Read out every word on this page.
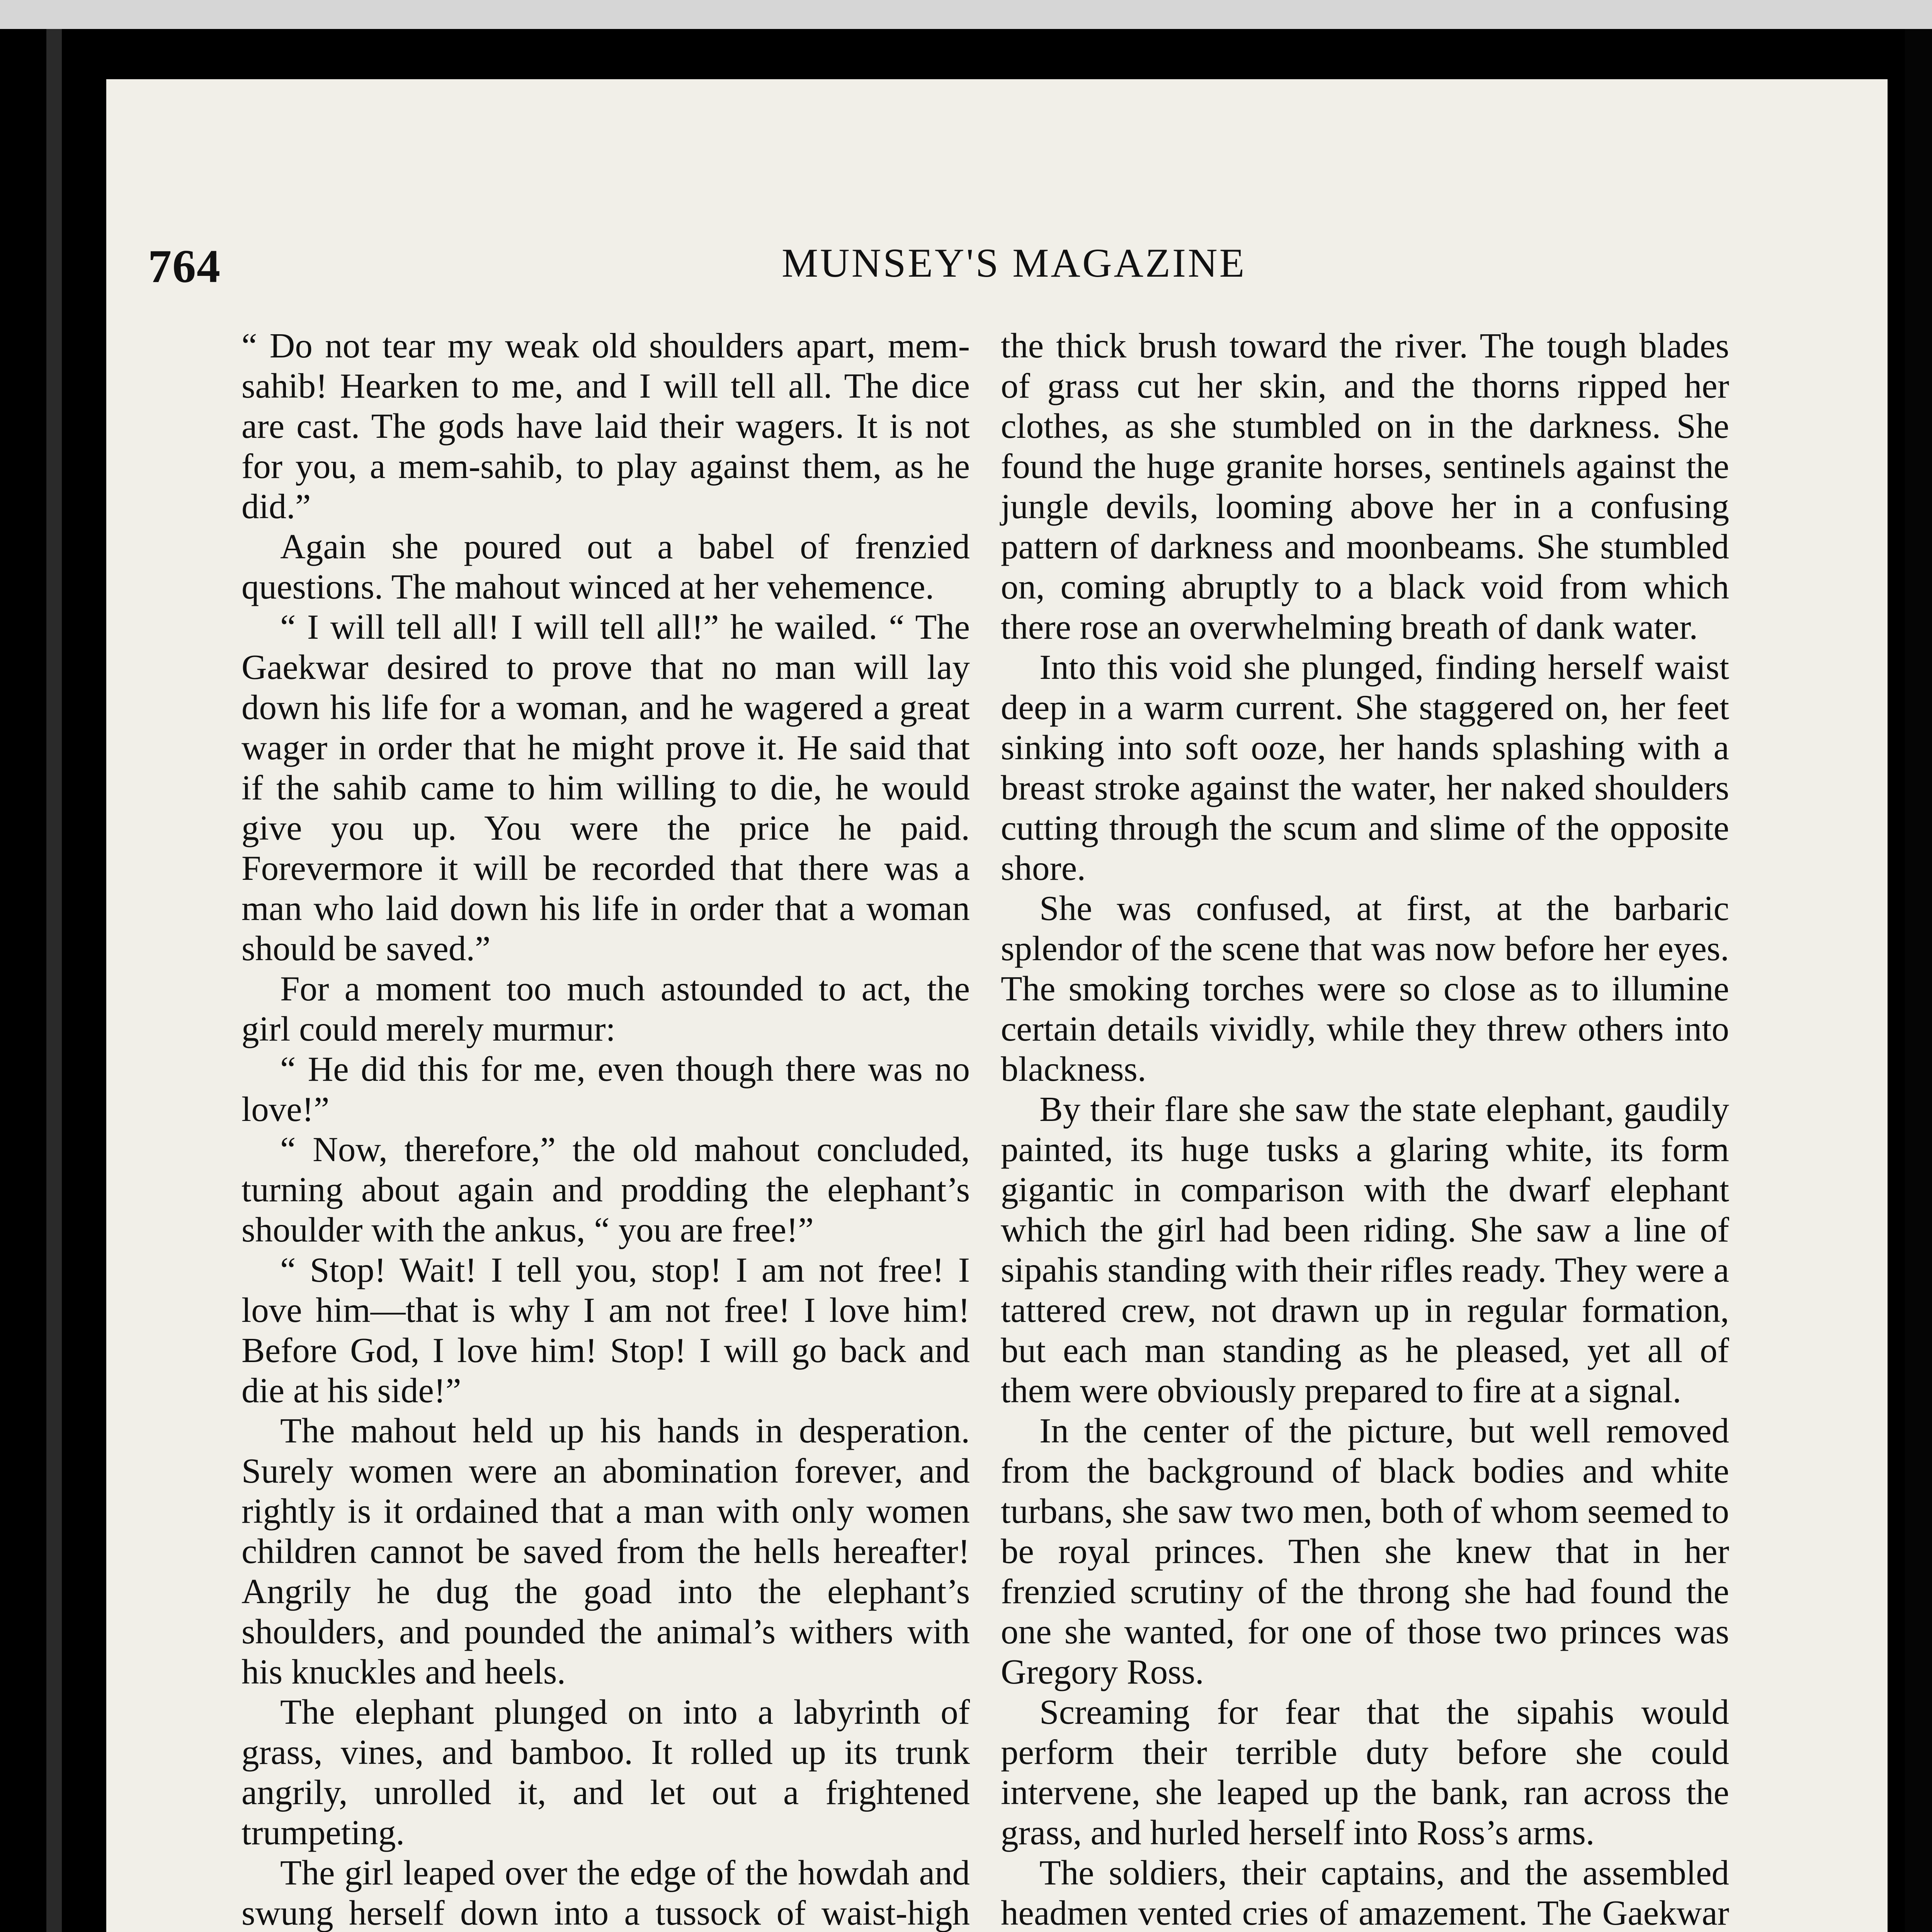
764	MUNSEY'S MAGAZINE

“ Do not tear my weak old shoulders apart, mem-sahib! Hearken to me, and I will tell all. The dice are cast. The gods have laid their wagers. It is not for you, a mem-sahib, to play against them, as he did.”

Again she poured out a babel of frenzied questions. The mahout winced at her vehemence.

“ I will tell all! I will tell all!” he wailed. “ The Gaekwar desired to prove that no man will lay down his life for a woman, and he wagered a great wager in order that he might prove it. He said that if the sahib came to him willing to die, he would give you up. You were the price he paid. Forevermore it will be recorded that there was a man who laid down his life in order that a woman should be saved.”

For a moment too much astounded to act, the girl could merely murmur:

“ He did this for me, even though there was no love!”

“ Now, therefore,” the old mahout concluded, turning about again and prodding the elephant’s shoulder with the ankus, “ you are free!”

“ Stop! Wait! I tell you, stop! I am not free! I love him—that is why I am not free! I love him! Before God, I love him! Stop! I will go back and die at his side!”

The mahout held up his hands in desperation. Surely women were an abomination forever, and rightly is it ordained that a man with only women children cannot be saved from the hells hereafter! Angrily he dug the goad into the elephant’s shoulders, and pounded the animal’s withers with his knuckles and heels.

The elephant plunged on into a labyrinth of grass, vines, and bamboo. It rolled up its trunk angrily, unrolled it, and let out a frightened trumpeting.

The girl leaped over the edge of the howdah and swung herself down into a tussock of waist-high

the thick brush toward the river. The tough blades of grass cut her skin, and the thorns ripped her clothes, as she stumbled on in the darkness. She found the huge granite horses, sentinels against the jungle devils, looming above her in a confusing pattern of darkness and moonbeams. She stumbled on, coming abruptly to a black void from which there rose an overwhelming breath of dank water.

Into this void she plunged, finding herself waist deep in a warm current. She staggered on, her feet sinking into soft ooze, her hands splashing with a breast stroke against the water, her naked shoulders cutting through the scum and slime of the opposite shore.

She was confused, at first, at the barbaric splendor of the scene that was now before her eyes. The smoking torches were so close as to illumine certain details vividly, while they threw others into blackness.

By their flare she saw the state elephant, gaudily painted, its huge tusks a glaring white, its form gigantic in comparison with the dwarf elephant which the girl had been riding. She saw a line of sipahis standing with their rifles ready. They were a tattered crew, not drawn up in regular formation, but each man standing as he pleased, yet all of them were obviously prepared to fire at a signal.

In the center of the picture, but well removed from the background of black bodies and white turbans, she saw two men, both of whom seemed to be royal princes. Then she knew that in her frenzied scrutiny of the throng she had found the one she wanted, for one of those two princes was Gregory Ross.

Screaming for fear that the sipahis would perform their terrible duty before she could intervene, she leaped up the bank, ran across the grass, and hurled herself into Ross’s arms.

The soldiers, their captains, and the assembled headmen vented cries of amazement. The Gaekwar
